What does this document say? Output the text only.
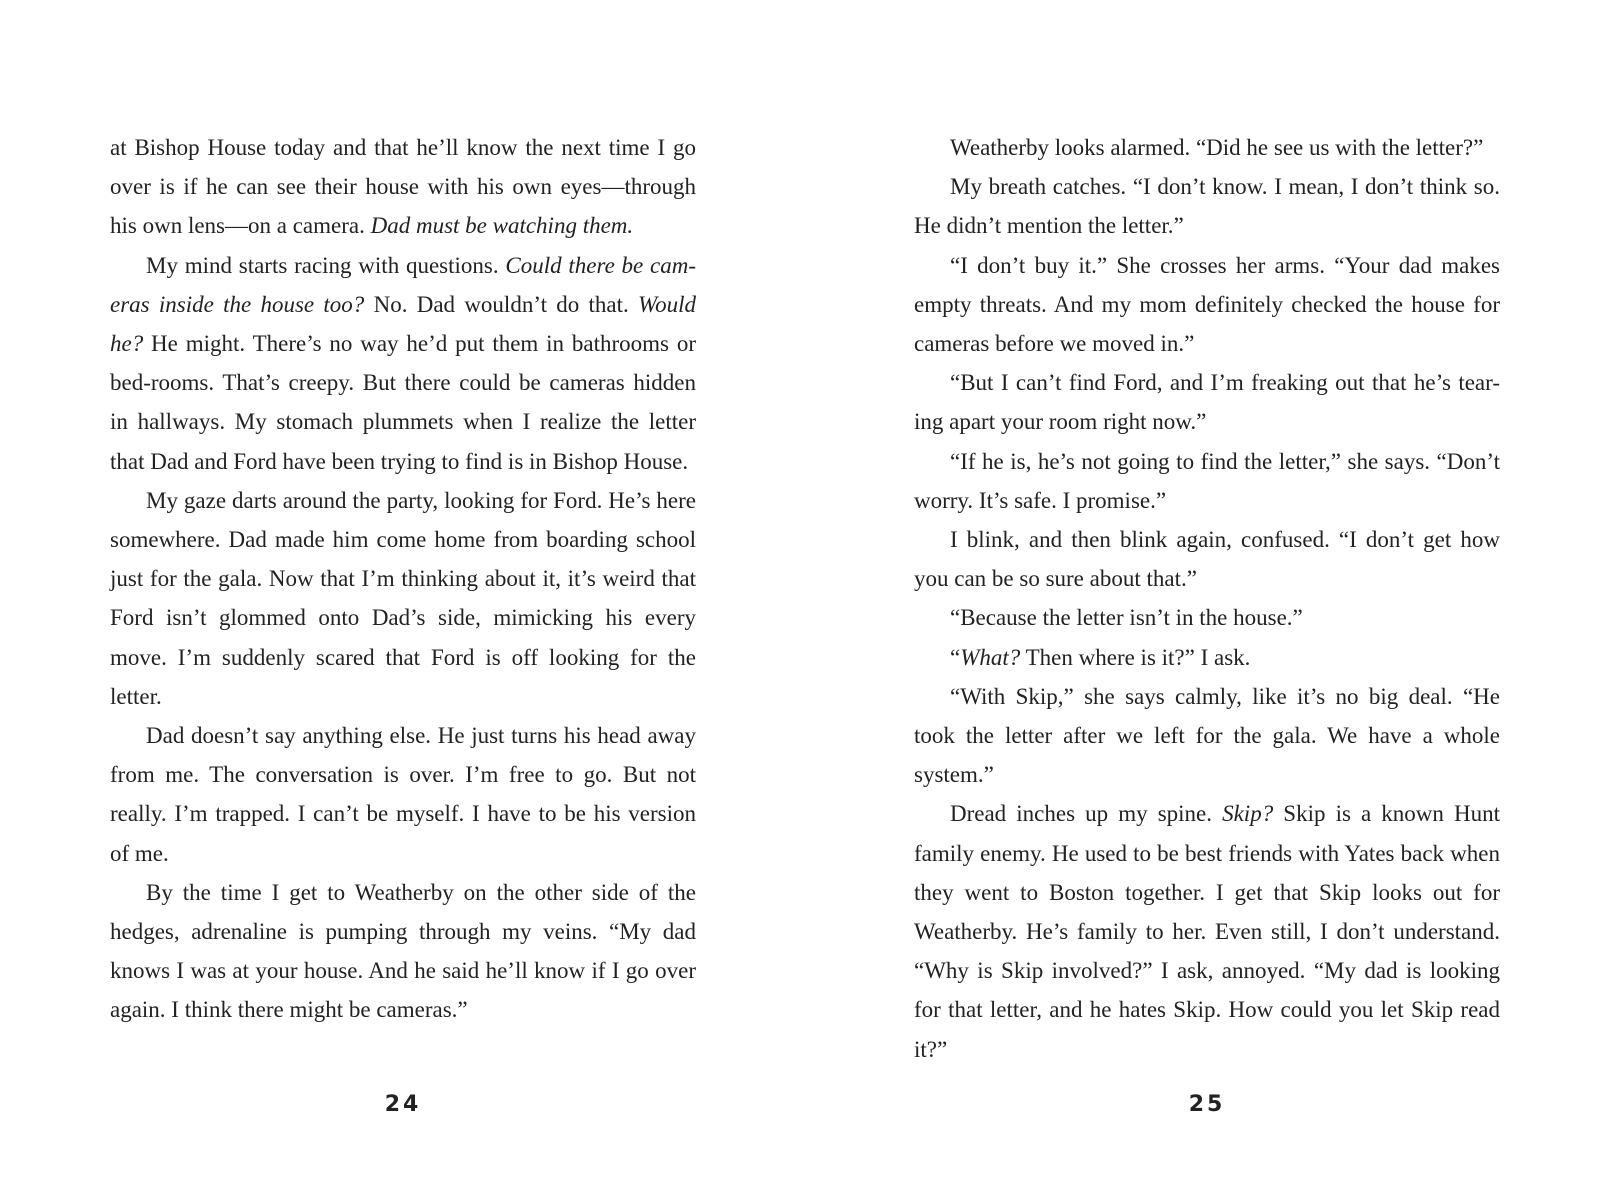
at Bishop House today and that he’ll know the next time I go over is if he can see their house with his own eyes—through his own lens—on a camera. Dad must be watching them.

My mind starts racing with questions. Could there be cam-eras inside the house too? No. Dad wouldn’t do that. Would he? He might. There’s no way he’d put them in bathrooms or bed-rooms. That’s creepy. But there could be cameras hidden in hallways. My stomach plummets when I realize the letter that Dad and Ford have been trying to find is in Bishop House.

My gaze darts around the party, looking for Ford. He’s here somewhere. Dad made him come home from boarding school just for the gala. Now that I’m thinking about it, it’s weird that Ford isn’t glommed onto Dad’s side, mimicking his every move. I’m suddenly scared that Ford is off looking for the letter.

Dad doesn’t say anything else. He just turns his head away from me. The conversation is over. I’m free to go. But not really. I’m trapped. I can’t be myself. I have to be his version of me.

By the time I get to Weatherby on the other side of the hedges, adrenaline is pumping through my veins. “My dad knows I was at your house. And he said he’ll know if I go over again. I think there might be cameras.”

24

Weatherby looks alarmed. “Did he see us with the letter?”

My breath catches. “I don’t know. I mean, I don’t think so. He didn’t mention the letter.”

“I don’t buy it.” She crosses her arms. “Your dad makes empty threats. And my mom definitely checked the house for cameras before we moved in.”

“But I can’t find Ford, and I’m freaking out that he’s tear-ing apart your room right now.”

“If he is, he’s not going to find the letter,” she says. “Don’t worry. It’s safe. I promise.”

I blink, and then blink again, confused. “I don’t get how you can be so sure about that.”

“Because the letter isn’t in the house.”

“What? Then where is it?” I ask.

“With Skip,” she says calmly, like it’s no big deal. “He took the letter after we left for the gala. We have a whole system.”

Dread inches up my spine. Skip? Skip is a known Hunt family enemy. He used to be best friends with Yates back when they went to Boston together. I get that Skip looks out for Weatherby. He’s family to her. Even still, I don’t understand. “Why is Skip involved?” I ask, annoyed. “My dad is looking for that letter, and he hates Skip. How could you let Skip read it?”

25
